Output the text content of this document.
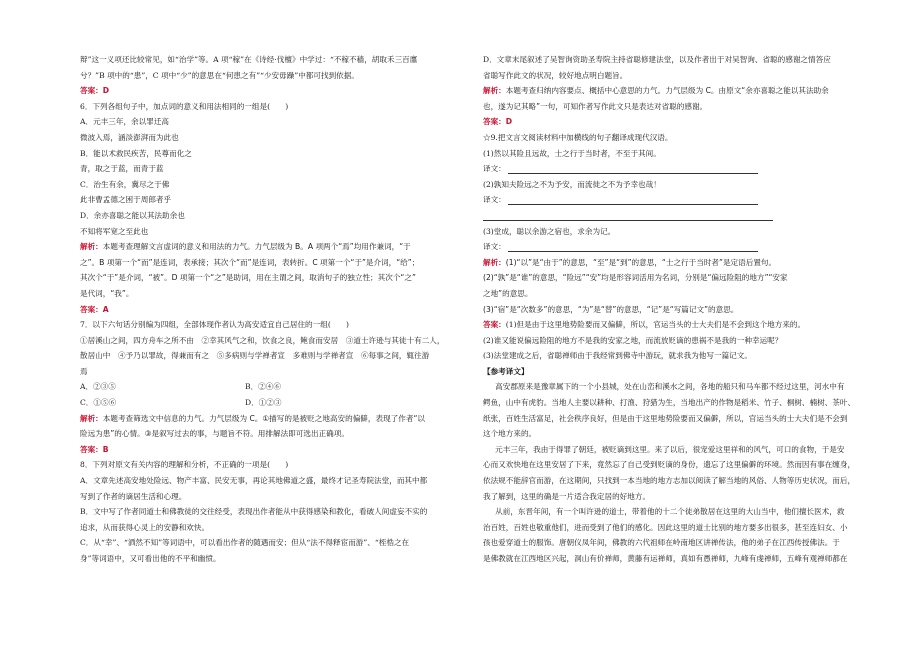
辩”这一义项还比较常见，如“治学”等。A 项“稼”在《诗经·伐檀》中学过：“不稼不穑，胡取禾三百廛
兮？”B 项中的“患”，C 项中“少”的意思在“何患之有”“少安毋躁”中都可找到依据。
答案：D
6．下列各组句子中，加点词的意义和用法相同的一组是(　　)
A．元丰三年，余以罪迁高
微波入焉，涵淡澎湃而为此也
B．能以术救民疾苦，民尊而化之
青，取之于蓝，而青于蓝
C．治生有余，冀尽之于佛
此非曹孟德之困于周郎者乎
D．余亦喜聪之能以其法助余也
不知将军宽之至此也
解析：本题考查理解文言虚词的意义和用法的力气。力气层级为 B。A 项两个“焉”均用作兼词，“于
之”。B 项第一个“而”是连词，表承接；其次个“而”是连词，表转折。C 项第一个“于”是介词，“给”；
其次个“于”是介词，“被”。D 项第一个“之”是助词，用在主谓之间，取消句子的独立性；其次个“之”
是代词，“我”。
答案：A
7．以下六句话分别编为四组，全部体现作者认为高安适宜自己居住的一组(　　)
①居溪山之间，四方舟车之所不由　②幸其风气之和，饮食之良，鲍食而安居　③道士许逊与其徒十有二人，
散居山中　④予乃以罪故，得兼而有之　⑤多病则与学禅者宣　多难则与学禅者宣　⑥每事之间，辄往游
焉
A．②③⑤	B．②④⑥
C．①⑤⑥	D．①②③
解析：本题考查筛选文中信息的力气。力气层级为 C。①描写的是被贬之地高安的偏僻，表现了作者“以
险远为患”的心情。③是叙写过去的事，与题旨不符。用排解法即可选出正确项。
答案：B
8．下列对原文有关内容的理解和分析，不正确的一项是(　　)
A．文章先述高安地处险远、物产丰富、民安无事，再论其地佛道之盛，最终才记圣寿院法堂，而其中都
写到了作者的谪居生活和心理。
B．文中写了作者同道士和佛教徒的交往经受，表现出作者能从中获得感染和教化，看破人间虚妄不实的
追求，从而获得心灵上的安静和欢快。
C．从“幸”、“洒然不知”等词语中，可以看出作者的随遇而安；但从“法不得释宦而游”、“桎梏之在
身”等词语中，又可看出他的不平和幽愤。
D．文章末尾叙述了吴智询资助圣寿院主持省聪修建法堂，以及作者出于对吴智询、省聪的感谢之情答应
省聪写作此文的状况，较好地点明白题旨。
解析：本题考查归纳内容要点、概括中心意思的力气。力气层级为 C。由原文“余亦喜聪之能以其法助余
也，遂为记其略”一句，可知作者写作此文只是表达对省聪的感谢。
答案：D
☆9.把文言文阅读材料中加横线的句子翻译成现代汉语。
(1)然以其险且远故，士之行于当时者，不至于其间。
译文：
(2)孰知夫险远之不为予安，而流徙之不为予幸也哉！
译文：
(3)堂成，聪以余游之宿也，求余为记。
译文：
解析：(1)“以”是“由于”的意思，“至”是“到”的意思，“士之行于当时者”是定语后置句。
(2)“孰”是“谁”的意思，“险远”“安”均是形容词活用为名词，分别是“偏远险阻的地方”“安家
之地”的意思。
(3)“宿”是“次数多”的意思，“为”是“替”的意思，“记”是“写篇记文”的意思。
答案：(1)但是由于这里地势险要而又偏僻，所以，官运当头的士大夫们是不会到这个地方来的。
(2)谁又能说偏远险阻的地方不是我的安家之地，而流放贬谪的患祸不是我的一种幸运呢？
(3)法堂建成之后，省聪禅师由于我经常到佛寺中游玩，就求我为他写一篇记文。
【参考译文】
高安郡原来是豫章属下的一个小县城，处在山峦和溪水之间，各地的船只和马车都不经过这里，河水中有
鳄鱼，山中有虎豹。当地人主要以耕种、打渔、狩猎为生，当地出产的作物是稻米、竹子、桐树、楠树、茶叶、
纸张，百姓生活富足，社会秩序良好，但是由于这里地势险要而又偏僻，所以，官运当头的士大夫们是不会到
这个地方来的。
元丰三年，我由于得罪了朝廷，被贬谪到这里。来了以后，很宠爱这里祥和的风气，可口的食物，于是安
心而又欢快地在这里安居了下来，竟然忘了自己受到贬谪的身份，遗忘了这里偏僻的环境。然而因有事在缠身，
依法规不能辞官而游，在这期间，只找到一本当地的地方志加以阅读了解当地的风俗、人物等历史状况，而后，
我了解到，这里的确是一片适合我定居的好地方。
从前，东晋年间，有一个叫许逊的道士，带着他的十二个徒弟散居在这里的大山当中，他们擅长医术，救
治百姓，百姓也敬重他们，进而受到了他们的感化。因此这里的道士比别的地方要多出很多，甚至连妇女、小
孩也爱穿道士的服饰。唐朝仪凤年间，佛教的六代祖师在岭南地区讲禅传法，他的弟子在江西传授佛法。于
是佛教就在江西地区兴起，洞山有价禅师，黄藤有运禅师，真如有愚禅师，九峰有虔禅师，五峰有观禅师都在
